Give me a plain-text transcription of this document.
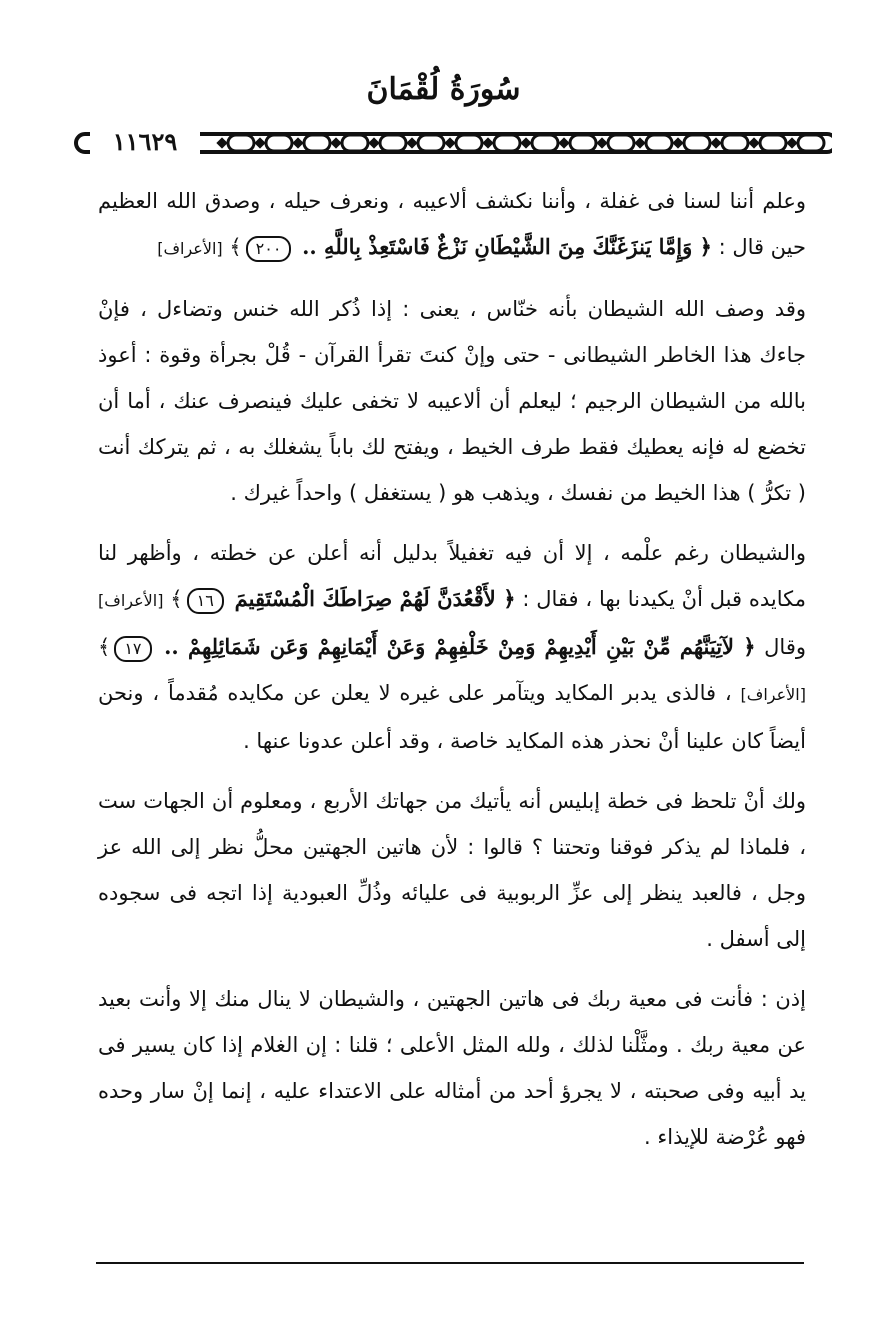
سُورَةُ لُقْمَانَ
١١٦٢٩

وعلم أننا لسنا فى غفلة ، وأننا نكشف ألاعيبه ، ونعرف حيله ، وصدق الله العظيم حين قال : ﴿ وَإِمَّا يَنزَغَنَّكَ مِنَ الشَّيْطَانِ نَزْغٌ فَاسْتَعِذْ بِاللَّهِ .. ٢٠٠﴾ [الأعراف]

وقد وصف الله الشيطان بأنه خنّاس ، يعنى : إذا ذُكر الله خنس وتضاءل ، فإنْ جاءك هذا الخاطر الشيطانى - حتى وإنْ كنتَ تقرأ القرآن - قُلْ بجرأة وقوة : أعوذ بالله من الشيطان الرجيم ؛ ليعلم أن ألاعيبه لا تخفى عليك فينصرف عنك ، أما أن تخضع له فإنه يعطيك فقط طرف الخيط ، ويفتح لك باباً يشغلك به ، ثم يتركك أنت ( تكرُّ ) هذا الخيط من نفسك ، ويذهب هو ( يستغفل ) واحداً غيرك .

والشيطان رغم علْمه ، إلا أن فيه تغفيلاً بدليل أنه أعلن عن خطته ، وأظهر لنا مكايده قبل أنْ يكيدنا بها ، فقال : ﴿ لأَقْعُدَنَّ لَهُمْ صِرَاطَكَ الْمُسْتَقِيمَ ١٦﴾ [الأعراف] وقال ﴿ لآتِيَنَّهُم مِّنْ بَيْنِ أَيْدِيهِمْ وَمِنْ خَلْفِهِمْ وَعَنْ أَيْمَانِهِمْ وَعَن شَمَائِلِهِمْ .. ١٧﴾ [الأعراف] ، فالذى يدبر المكايد ويتآمر على غيره لا يعلن عن مكايده مُقدماً ، ونحن أيضاً كان علينا أنْ نحذر هذه المكايد خاصة ، وقد أعلن عدونا عنها .

ولك أنْ تلحظ فى خطة إبليس أنه يأتيك من جهاتك الأربع ، ومعلوم أن الجهات ست ، فلماذا لم يذكر فوقنا وتحتنا ؟ قالوا : لأن هاتين الجهتين محلُّ نظر إلى الله عز وجل ، فالعبد ينظر إلى عزِّ الربوبية فى عليائه وذُلِّ العبودية إذا اتجه فى سجوده إلى أسفل .

إذن : فأنت فى معية ربك فى هاتين الجهتين ، والشيطان لا ينال منك إلا وأنت بعيد عن معية ربك . ومثَّلْنا لذلك ، ولله المثل الأعلى ؛ قلنا : إن الغلام إذا كان يسير فى يد أبيه وفى صحبته ، لا يجرؤ أحد من أمثاله على الاعتداء عليه ، إنما إنْ سار وحده فهو عُرْضة للإيذاء .
